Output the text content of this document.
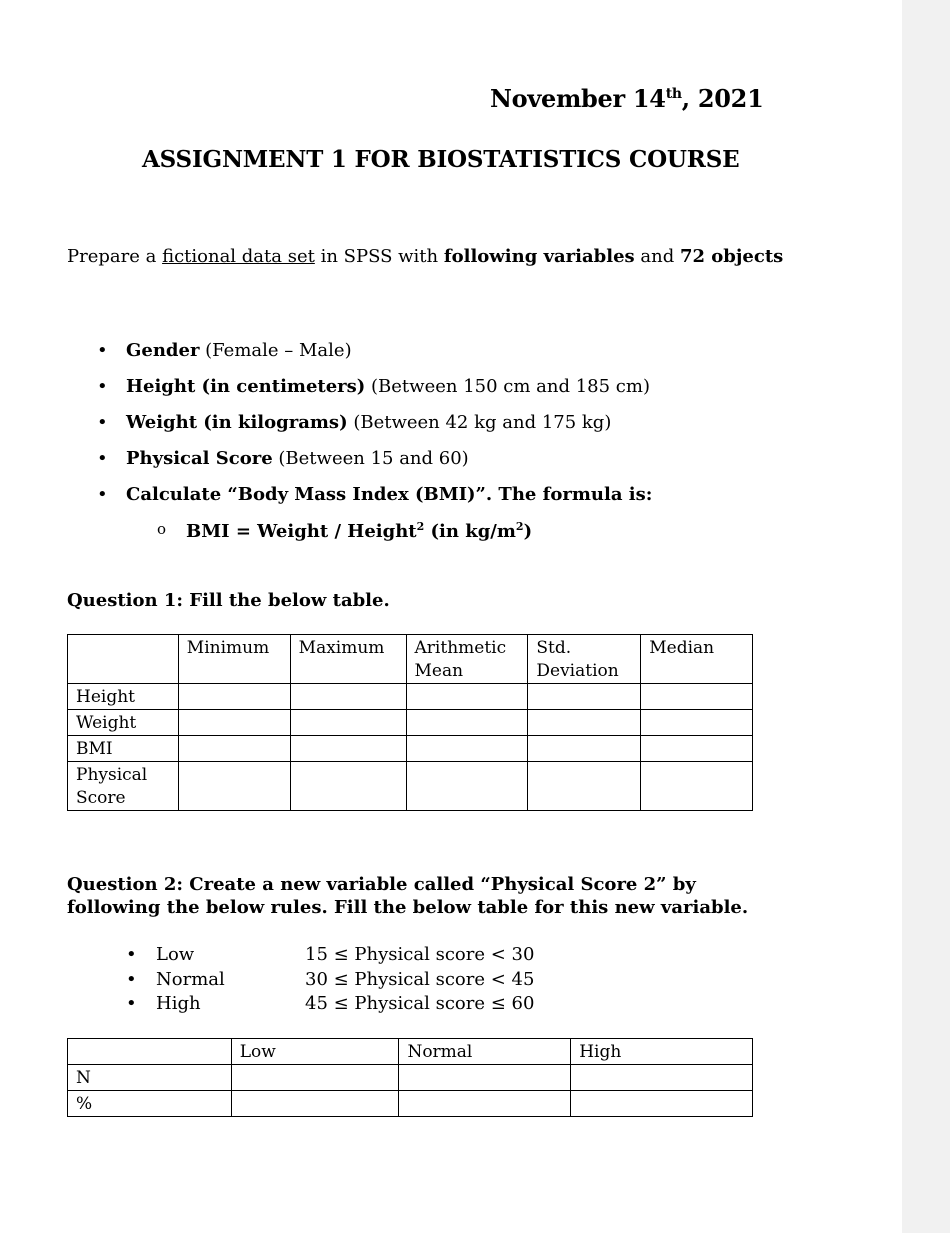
November 14th, 2021
ASSIGNMENT 1 FOR BIOSTATISTICS COURSE
Prepare a fictional data set in SPSS with following variables and 72 objects
• Gender (Female – Male)
• Height (in centimeters) (Between 150 cm and 185 cm)
• Weight (in kilograms) (Between 42 kg and 175 kg)
• Physical Score (Between 15 and 60)
• Calculate “Body Mass Index (BMI)”. The formula is:
o BMI = Weight / Height$^2$ (in $kg/m^2$)
Question 1: Fill the below table.
	Minimum	Maximum	Arithmetic Mean	Std. Deviation	Median
Height					
Weight					
BMI					
Physical Score					
Question 2: Create a new variable called “Physical Score 2” by following the below rules. Fill the below table for this new variable.
• Low	15 ≤ Physical score < 30
• Normal	30 ≤ Physical score < 45
• High	45 ≤ Physical score ≤ 60
	Low	Normal	High
N			
%			
